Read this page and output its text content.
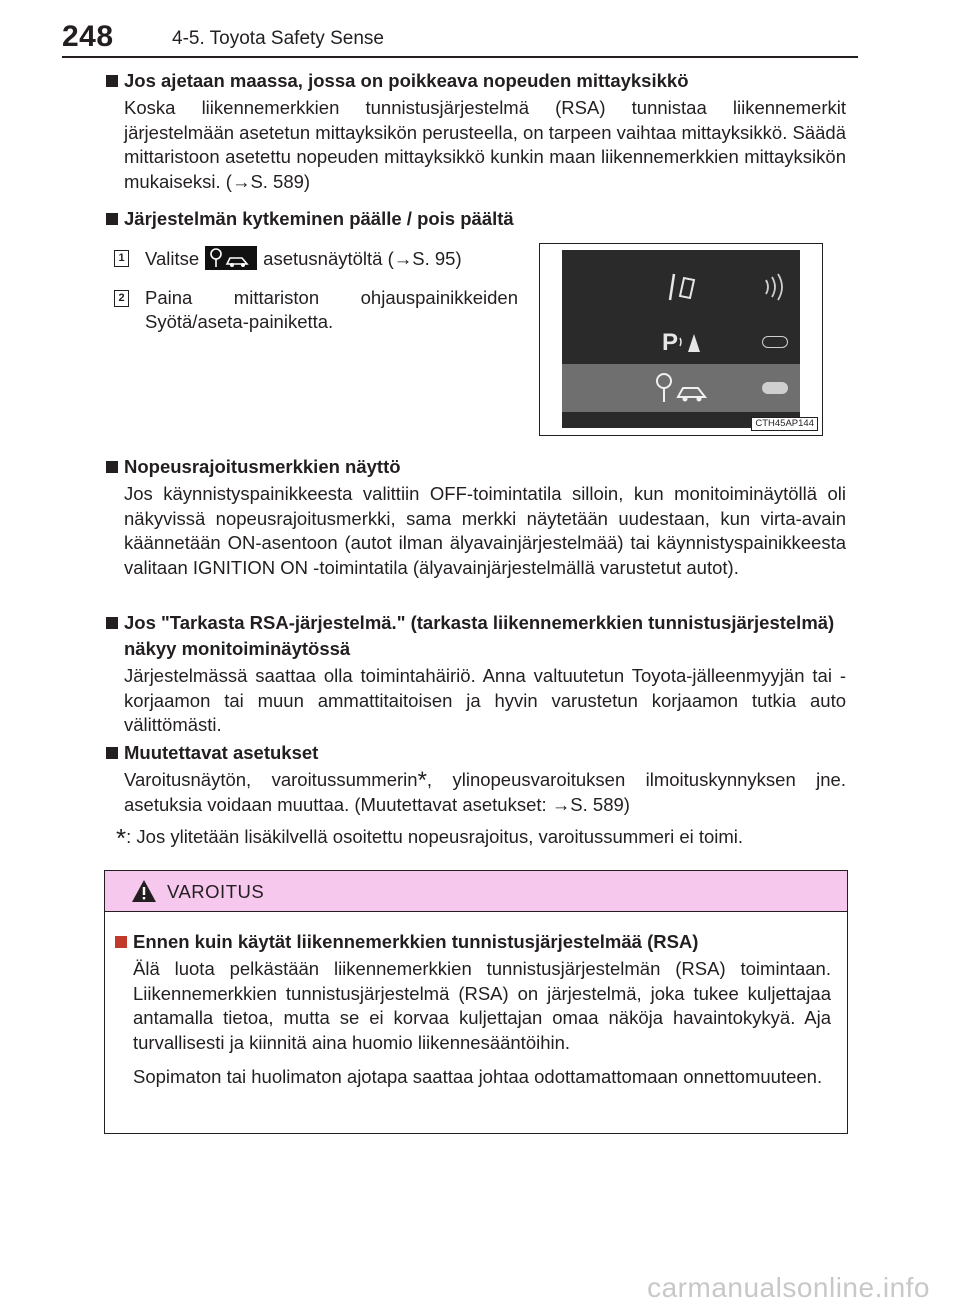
248	4-5. Toyota Safety Sense
Jos ajetaan maassa, jossa on poikkeava nopeuden mittayksikkö
Koska liikennemerkkien tunnistusjärjestelmä (RSA) tunnistaa liikennemerkit järjestelmään asetetun mittayksikön perusteella, on tarpeen vaihtaa mittayksikkö. Säädä mittaristoon asetettu nopeuden mittayksikkö kunkin maan liikennemerkkien mittayksikön mukaiseksi. (→S. 589)
Järjestelmän kytkeminen päälle / pois päältä
1 Valitse	asetusnäytöltä (→S. 95)
2 Paina mittariston ohjauspainikkeiden Syötä/aseta-painiketta.
P
CTH45AP144
Nopeusrajoitusmerkkien näyttö
Jos käynnistyspainikkeesta valittiin OFF-toimintatila silloin, kun monitoiminäytöllä oli näkyvissä nopeusrajoitusmerkki, sama merkki näytetään uudestaan, kun virta-avain käännetään ON-asentoon (autot ilman älyavainjärjestelmää) tai käynnistyspainikkeesta valitaan IGNITION ON -toimintatila (älyavainjärjestelmällä varustetut autot).
Jos "Tarkasta RSA-järjestelmä." (tarkasta liikennemerkkien tunnistusjärjestelmä) näkyy monitoiminäytössä
Järjestelmässä saattaa olla toimintahäiriö. Anna valtuutetun Toyota-jälleenmyyjän tai -korjaamon tai muun ammattitaitoisen ja hyvin varustetun korjaamon tutkia auto välittömästi.
Muutettavat asetukset
Varoitusnäytön, varoitussummerin*, ylinopeusvaroituksen ilmoituskynnyksen jne. asetuksia voidaan muuttaa. (Muutettavat asetukset: →S. 589)
*: Jos ylitetään lisäkilvellä osoitettu nopeusrajoitus, varoitussummeri ei toimi.
VAROITUS
Ennen kuin käytät liikennemerkkien tunnistusjärjestelmää (RSA)

Älä luota pelkästään liikennemerkkien tunnistusjärjestelmän (RSA) toimintaan. Liikennemerkkien tunnistusjärjestelmä (RSA) on järjestelmä, joka tukee kuljettajaa antamalla tietoa, mutta se ei korvaa kuljettajan omaa näköja havaintokykyä. Aja turvallisesti ja kiinnitä aina huomio liikennesääntöihin.

Sopimaton tai huolimaton ajotapa saattaa johtaa odottamattomaan onnettomuuteen.

carmanualsonline.info
